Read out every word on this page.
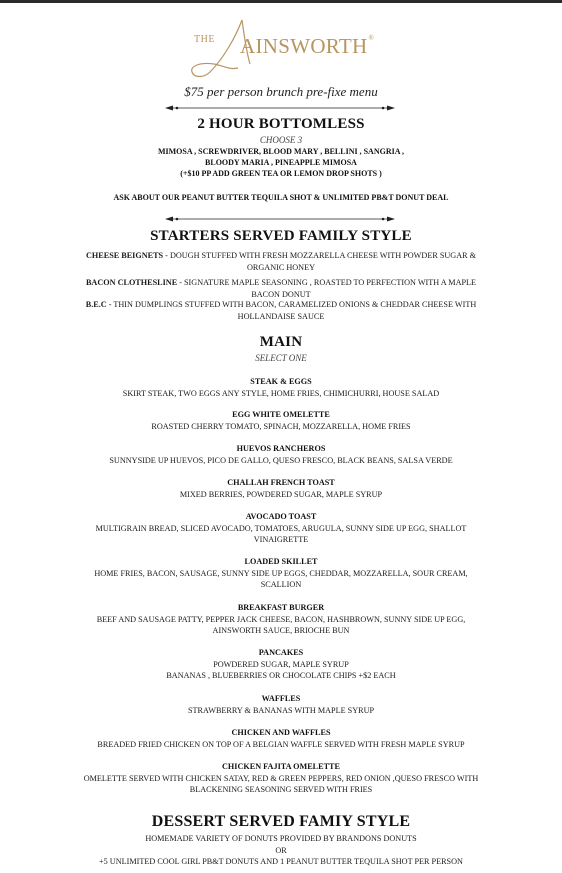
THE AINSWORTH®
$75 per person brunch pre-fixe menu
2 HOUR BOTTOMLESS
CHOOSE 3
MIMOSA , SCREWDRIVER, BLOOD MARY , BELLINI , SANGRIA ,
BLOODY MARIA , PINEAPPLE MIMOSA
(+$10 PP ADD GREEN TEA OR LEMON DROP SHOTS )
ASK ABOUT OUR PEANUT BUTTER TEQUILA SHOT & UNLIMITED PB&T DONUT DEAL
STARTERS SERVED FAMILY STYLE
CHEESE BEIGNETS - DOUGH STUFFED WITH FRESH MOZZARELLA CHEESE WITH POWDER SUGAR &
ORGANIC HONEY
BACON CLOTHESLINE - SIGNATURE MAPLE SEASONING , ROASTED TO PERFECTION WITH A MAPLE
BACON DONUT
B.E.C - THIN DUMPLINGS STUFFED WITH BACON, CARAMELIZED ONIONS & CHEDDAR CHEESE WITH
HOLLANDAISE SAUCE
MAIN
SELECT ONE
STEAK & EGGS
SKIRT STEAK, TWO EGGS ANY STYLE, HOME FRIES, CHIMICHURRI, HOUSE SALAD
EGG WHITE OMELETTE
ROASTED CHERRY TOMATO, SPINACH, MOZZARELLA, HOME FRIES
HUEVOS RANCHEROS
SUNNYSIDE UP HUEVOS, PICO DE GALLO, QUESO FRESCO, BLACK BEANS, SALSA VERDE
CHALLAH FRENCH TOAST
MIXED BERRIES, POWDERED SUGAR, MAPLE SYRUP
AVOCADO TOAST
MULTIGRAIN BREAD, SLICED AVOCADO, TOMATOES, ARUGULA, SUNNY SIDE UP EGG, SHALLOT
VINAIGRETTE
LOADED SKILLET
HOME FRIES, BACON, SAUSAGE, SUNNY SIDE UP EGGS, CHEDDAR, MOZZARELLA, SOUR CREAM,
SCALLION
BREAKFAST BURGER
BEEF AND SAUSAGE PATTY, PEPPER JACK CHEESE, BACON, HASHBROWN, SUNNY SIDE UP EGG,
AINSWORTH SAUCE, BRIOCHE BUN
PANCAKES
POWDERED SUGAR, MAPLE SYRUP
BANANAS , BLUEBERRIES OR CHOCOLATE CHIPS +$2 EACH
WAFFLES
STRAWBERRY & BANANAS WITH MAPLE SYRUP
CHICKEN AND WAFFLES
BREADED FRIED CHICKEN ON TOP OF A BELGIAN WAFFLE SERVED WITH FRESH MAPLE SYRUP
CHICKEN FAJITA OMELETTE
OMELETTE SERVED WITH CHICKEN SATAY, RED & GREEN PEPPERS, RED ONION ,QUESO FRESCO WITH
BLACKENING SEASONING SERVED WITH FRIES
DESSERT SERVED FAMIY STYLE
HOMEMADE VARIETY OF DONUTS PROVIDED BY BRANDONS DONUTS
OR
+5 UNLIMITED COOL GIRL PB&T DONUTS AND 1 PEANUT BUTTER TEQUILA SHOT PER PERSON
